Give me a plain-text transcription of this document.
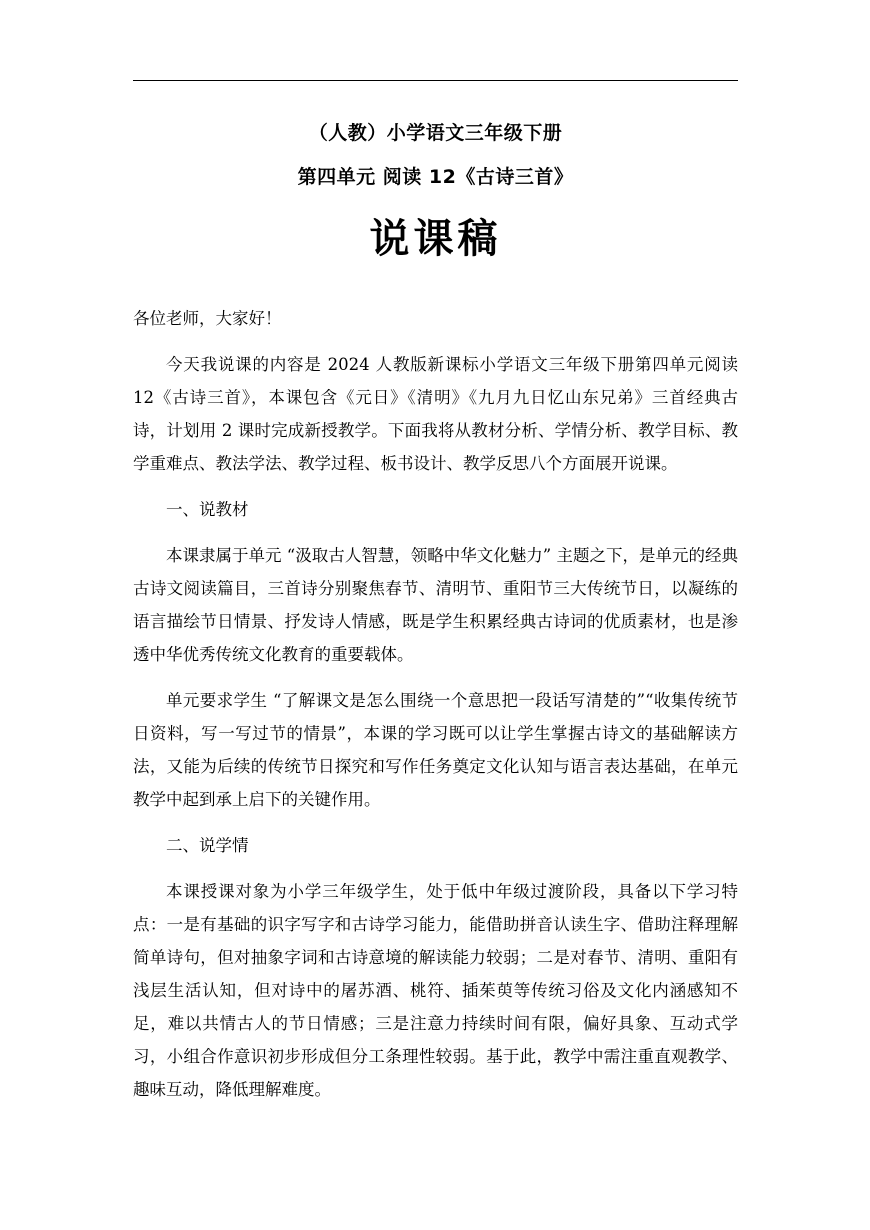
（人教）小学语文三年级下册
第四单元 阅读 12《古诗三首》
说课稿

各位老师，大家好！

今天我说课的内容是 2024 人教版新课标小学语文三年级下册第四单元阅读 12《古诗三首》，本课包含《元日》《清明》《九月九日忆山东兄弟》三首经典古诗，计划用 2 课时完成新授教学。下面我将从教材分析、学情分析、教学目标、教学重难点、教法学法、教学过程、板书设计、教学反思八个方面展开说课。

一、说教材

本课隶属于单元 “汲取古人智慧，领略中华文化魅力” 主题之下，是单元的经典古诗文阅读篇目，三首诗分别聚焦春节、清明节、重阳节三大传统节日，以凝练的语言描绘节日情景、抒发诗人情感，既是学生积累经典古诗词的优质素材，也是渗透中华优秀传统文化教育的重要载体。

单元要求学生 “了解课文是怎么围绕一个意思把一段话写清楚的”“收集传统节日资料，写一写过节的情景”，本课的学习既可以让学生掌握古诗文的基础解读方法，又能为后续的传统节日探究和写作任务奠定文化认知与语言表达基础，在单元教学中起到承上启下的关键作用。

二、说学情

本课授课对象为小学三年级学生，处于低中年级过渡阶段，具备以下学习特点：一是有基础的识字写字和古诗学习能力，能借助拼音认读生字、借助注释理解简单诗句，但对抽象字词和古诗意境的解读能力较弱；二是对春节、清明、重阳有浅层生活认知，但对诗中的屠苏酒、桃符、插茱萸等传统习俗及文化内涵感知不足，难以共情古人的节日情感；三是注意力持续时间有限，偏好具象、互动式学习，小组合作意识初步形成但分工条理性较弱。基于此，教学中需注重直观教学、趣味互动，降低理解难度。
